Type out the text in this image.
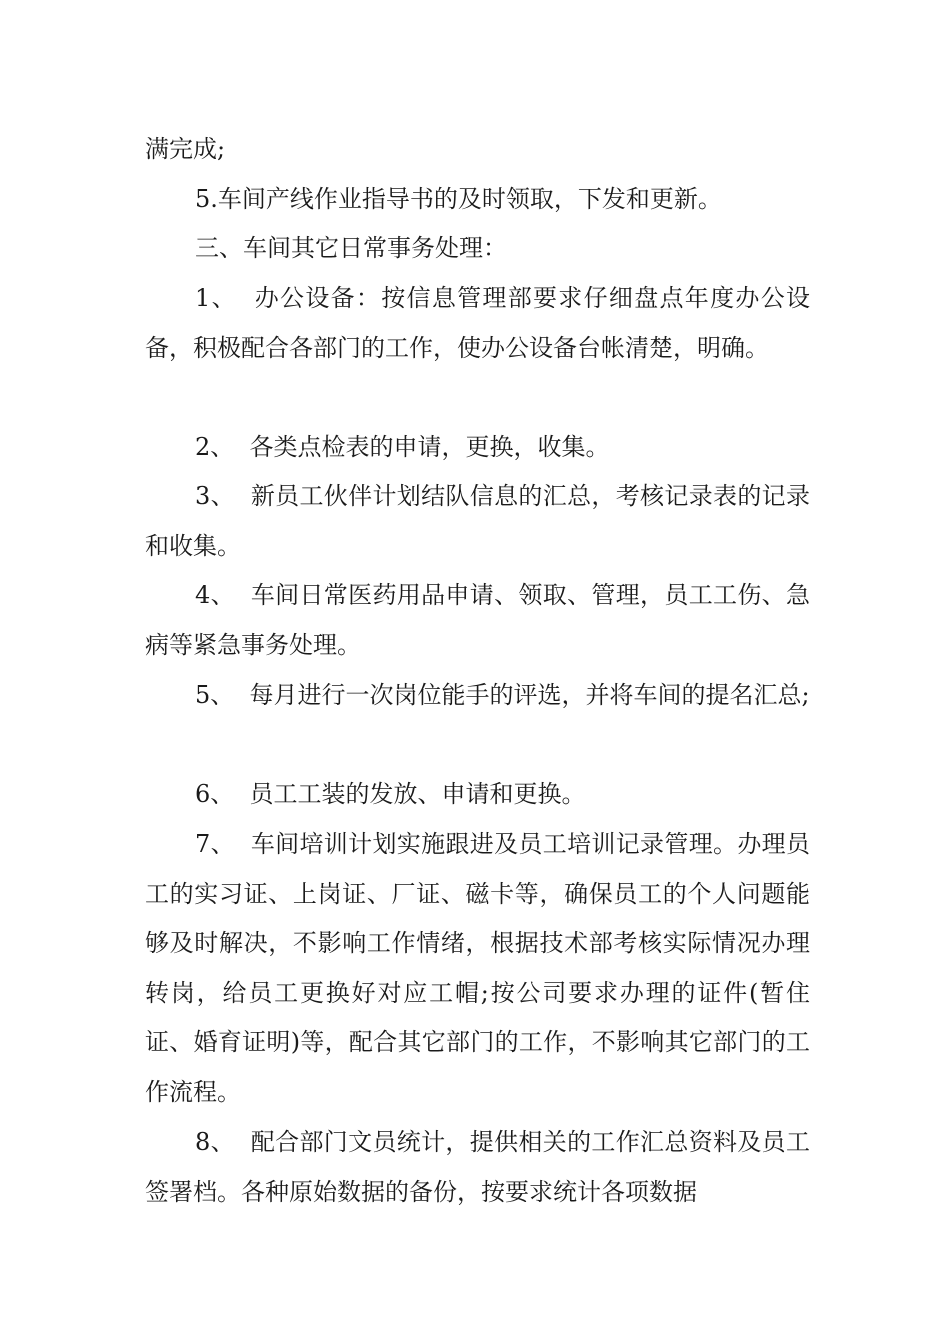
满完成;

5.车间产线作业指导书的及时领取，下发和更新。

三、车间其它日常事务处理：

1、  办公设备：按信息管理部要求仔细盘点年度办公设备，积极配合各部门的工作，使办公设备台帐清楚，明确。

2、  各类点检表的申请，更换，收集。

3、  新员工伙伴计划结队信息的汇总，考核记录表的记录和收集。

4、  车间日常医药用品申请、领取、管理，员工工伤、急病等紧急事务处理。

5、  每月进行一次岗位能手的评选，并将车间的提名汇总;

6、  员工工装的发放、申请和更换。

7、  车间培训计划实施跟进及员工培训记录管理。办理员工的实习证、上岗证、厂证、磁卡等，确保员工的个人问题能够及时解决，不影响工作情绪，根据技术部考核实际情况办理转岗，给员工更换好对应工帽;按公司要求办理的证件(暂住证、婚育证明)等，配合其它部门的工作，不影响其它部门的工作流程。

8、  配合部门文员统计，提供相关的工作汇总资料及员工签署档。各种原始数据的备份，按要求统计各项数据
